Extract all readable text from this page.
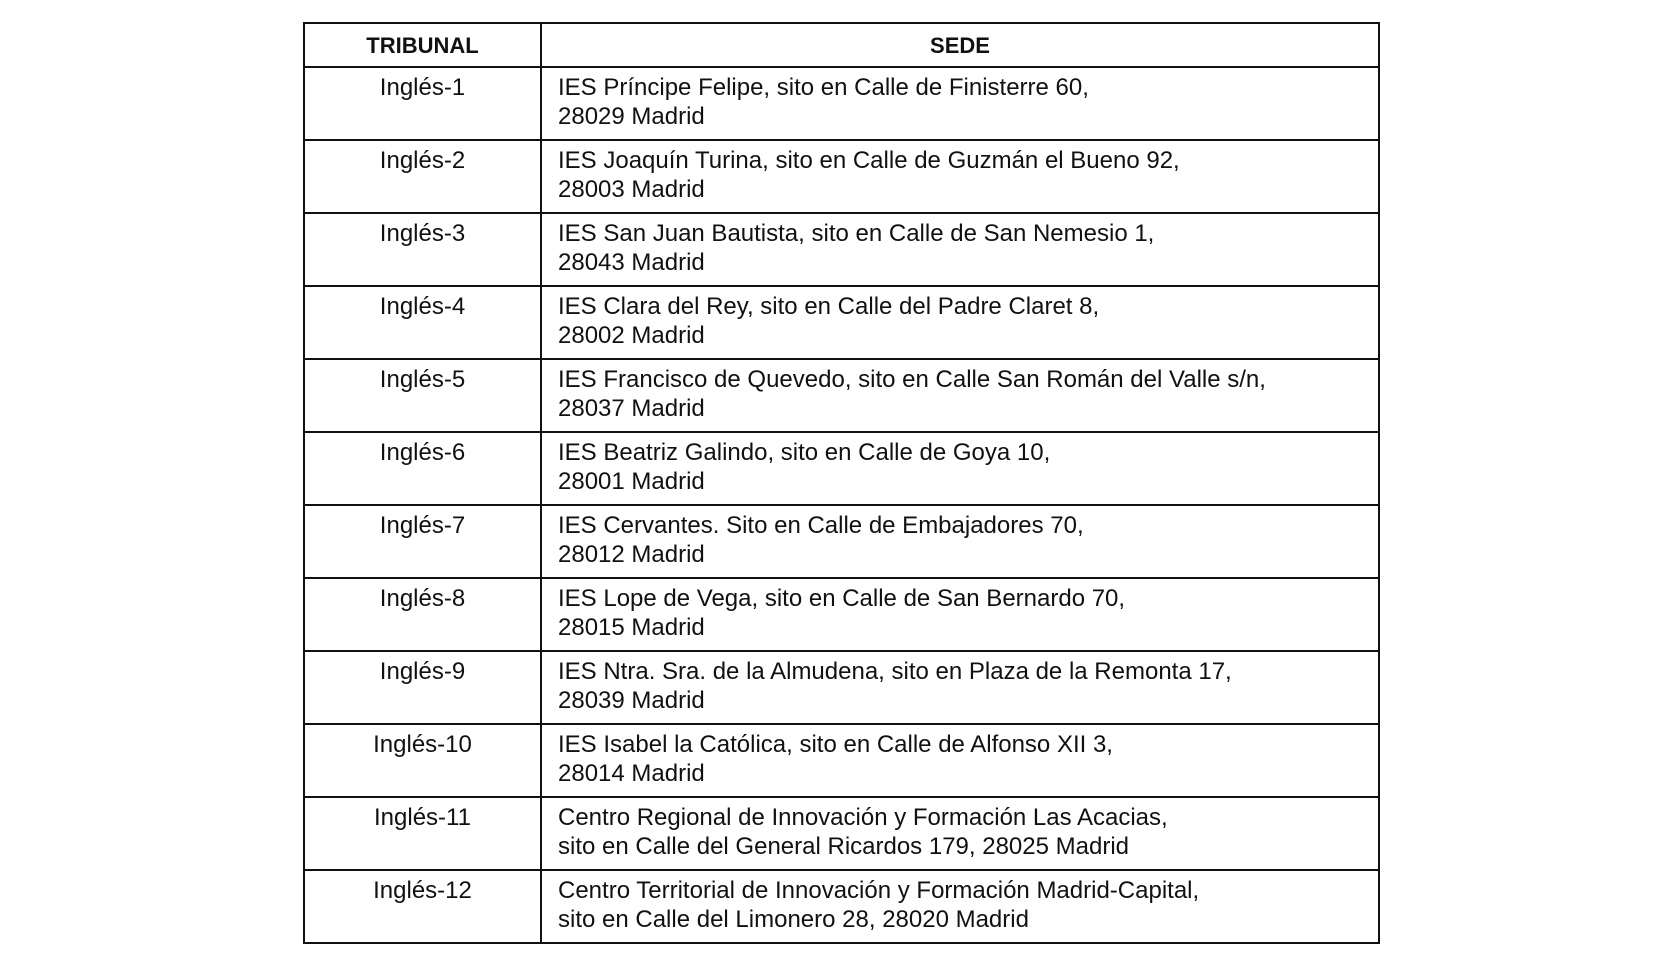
TRIBUNAL	SEDE
Inglés-1	IES Príncipe Felipe, sito en Calle de Finisterre 60,
28029 Madrid

Inglés-2	IES Joaquín Turina, sito en Calle de Guzmán el Bueno 92,
28003 Madrid

Inglés-3	IES San Juan Bautista, sito en Calle de San Nemesio 1,
28043 Madrid

Inglés-4	IES Clara del Rey, sito en Calle del Padre Claret 8,
28002 Madrid

Inglés-5	IES Francisco de Quevedo, sito en Calle San Román del Valle s/n,
28037 Madrid

Inglés-6	IES Beatriz Galindo, sito en Calle de Goya 10,
28001 Madrid

Inglés-7	IES Cervantes. Sito en Calle de Embajadores 70,
28012 Madrid

Inglés-8	IES Lope de Vega, sito en Calle de San Bernardo 70,
28015 Madrid

Inglés-9	IES Ntra. Sra. de la Almudena, sito en Plaza de la Remonta 17,
28039 Madrid

Inglés-10	IES Isabel la Católica, sito en Calle de Alfonso XII 3,
28014 Madrid

Inglés-11	Centro Regional de Innovación y Formación Las Acacias,
sito en Calle del General Ricardos 179, 28025 Madrid

Inglés-12	Centro Territorial de Innovación y Formación Madrid-Capital,
sito en Calle del Limonero 28, 28020 Madrid
